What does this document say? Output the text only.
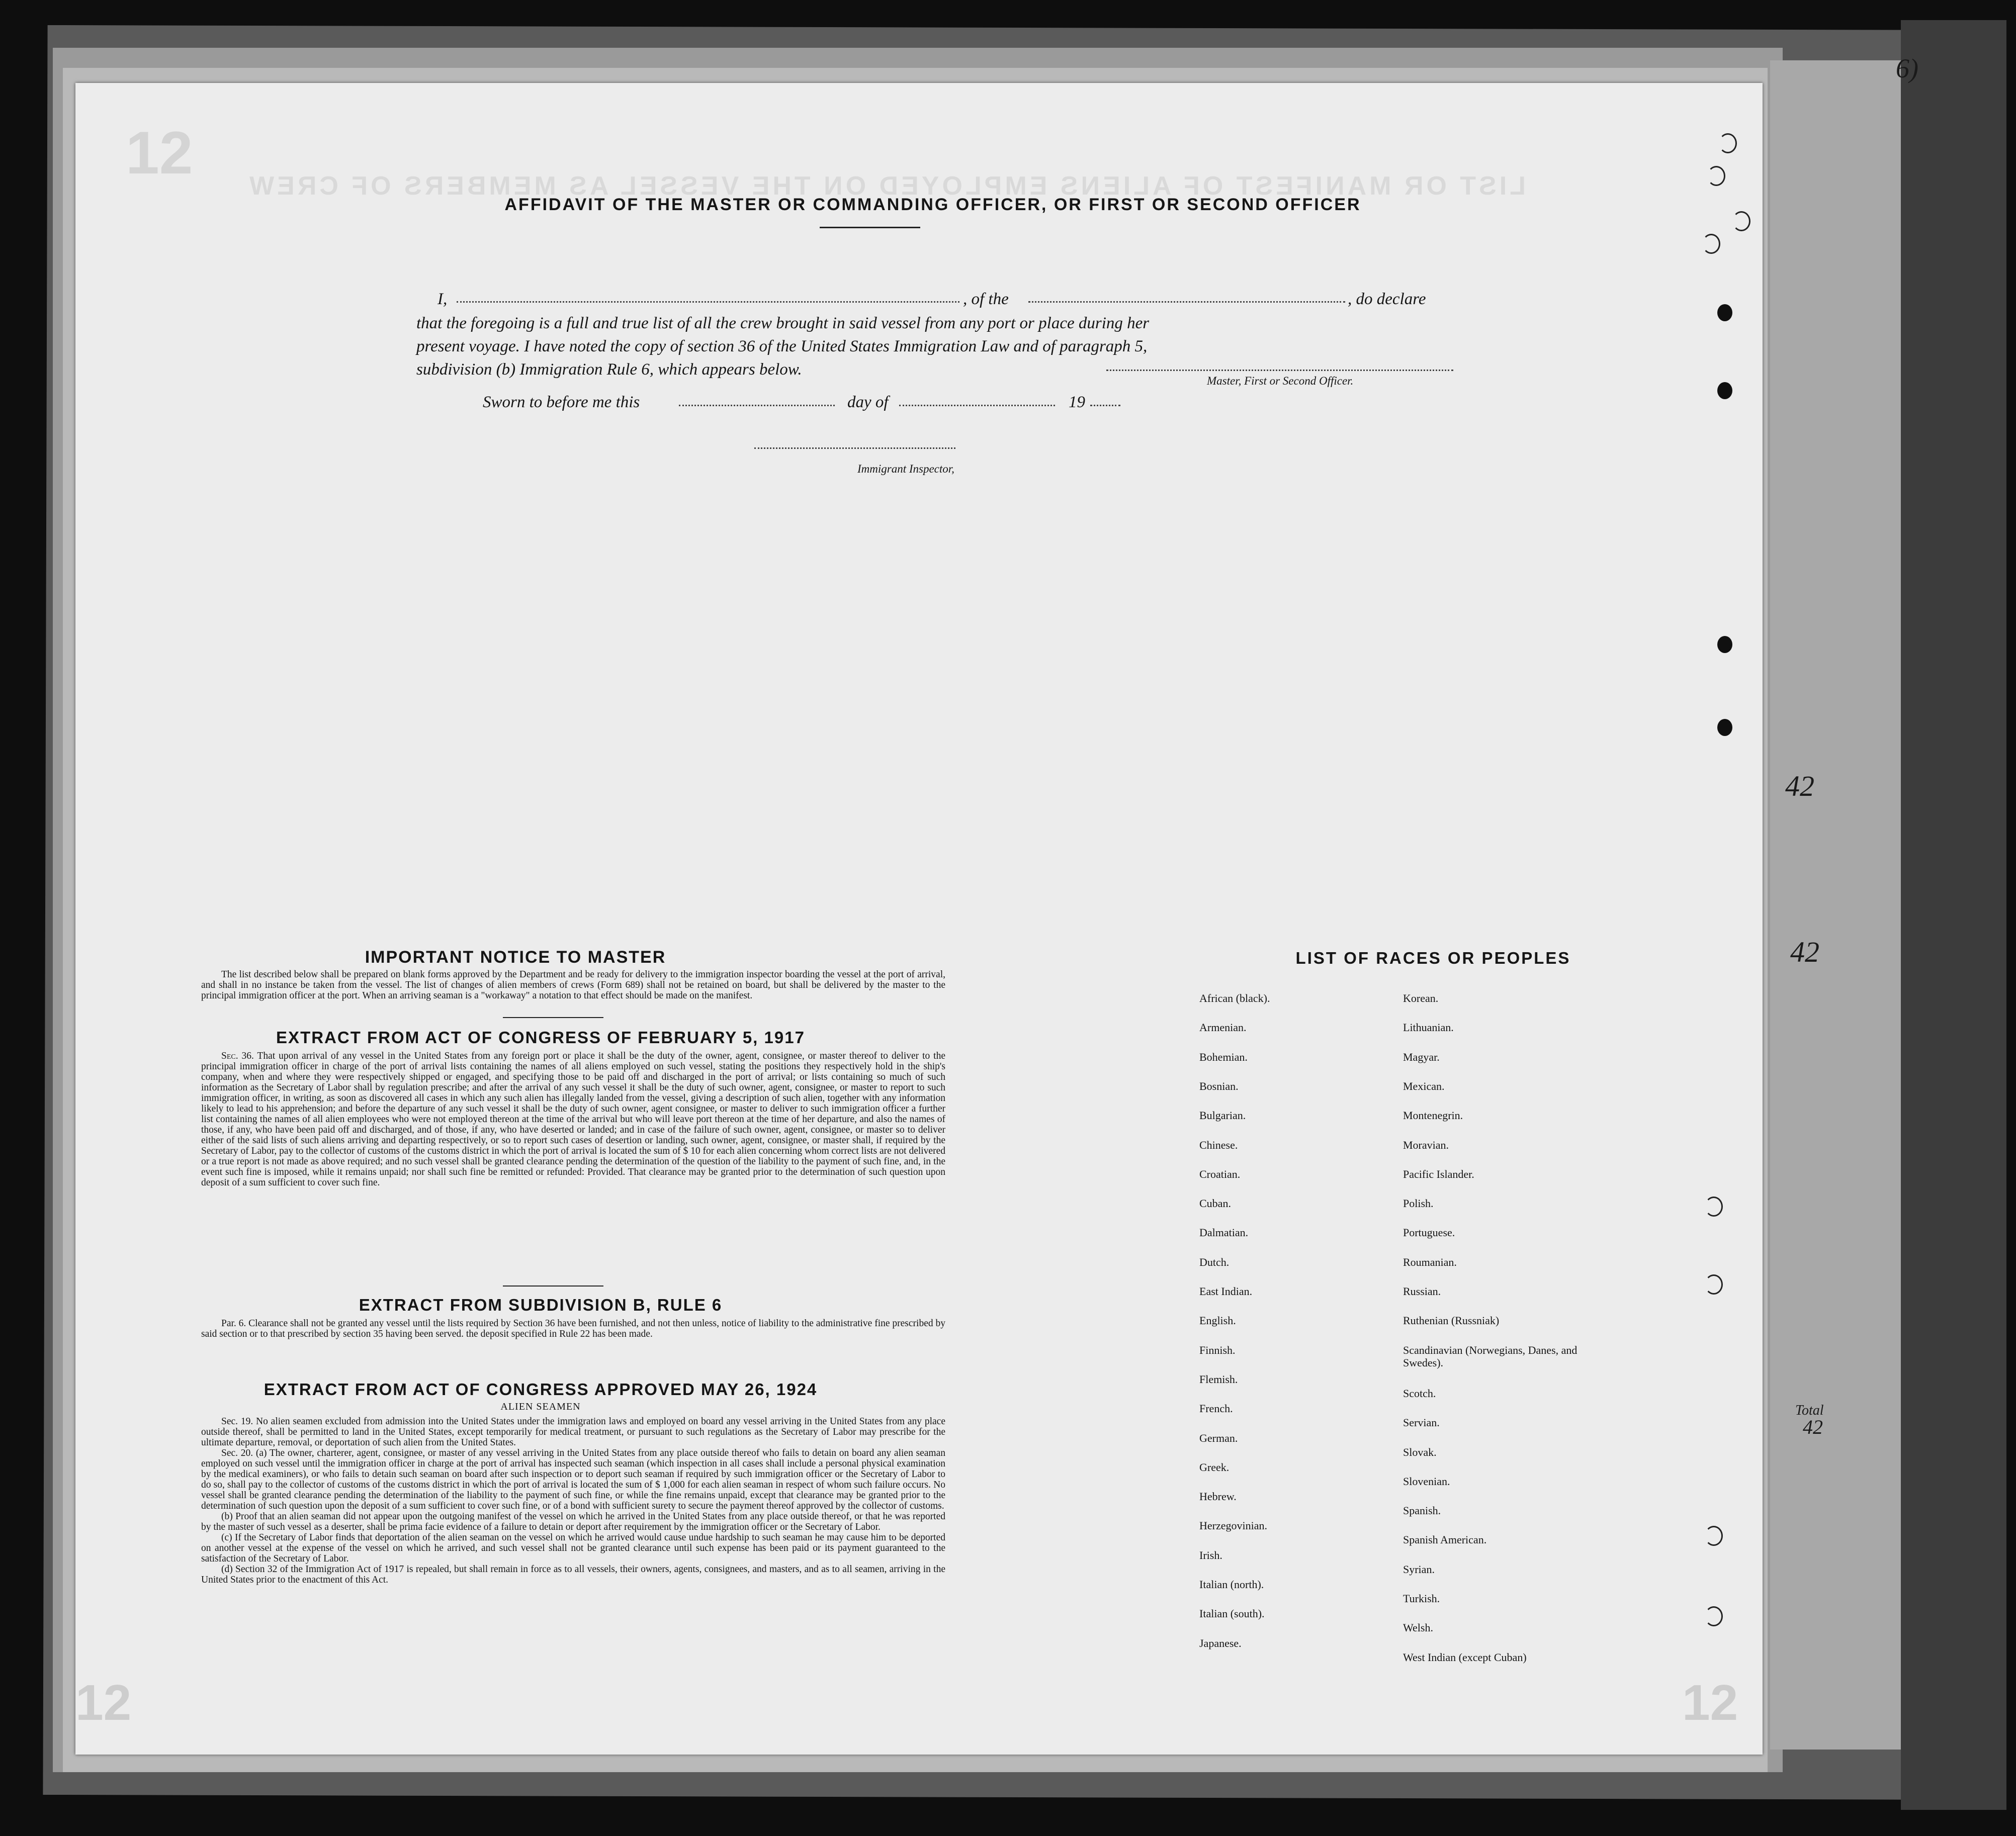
6)
42
42
Total
42
12 LIST OR MANIFEST OF ALIENS EMPLOYED ON THE VESSEL AS MEMBERS OF CREW
12	12
AFFIDAVIT OF THE MASTER OR COMMANDING OFFICER, OR FIRST OR SECOND OFFICER
I,	, of the	, do declare
that the foregoing is a full and true list of all the crew brought in said vessel from any port or place during her
present voyage. I have noted the copy of section 36 of the United States Immigration Law and of paragraph 5,
subdivision (b) Immigration Rule 6, which appears below.
Master, First or Second Officer.
Sworn to before me this	day of	19
Immigrant Inspector,
IMPORTANT NOTICE TO MASTER

The list described below shall be prepared on blank forms approved by the Department and be ready for delivery to the immigration inspector boarding the vessel at the port of arrival, and shall in no instance be taken from the vessel. The list of changes of alien members of crews (Form 689) shall not be retained on board, but shall be delivered by the master to the principal immigration officer at the port. When an arriving seaman is a "workaway" a notation to that effect should be made on the manifest.

EXTRACT FROM ACT OF CONGRESS OF FEBRUARY 5, 1917

Sec. 36. That upon arrival of any vessel in the United States from any foreign port or place it shall be the duty of the owner, agent, consignee, or master thereof to deliver to the principal immigration officer in charge of the port of arrival lists containing the names of all aliens employed on such vessel, stating the positions they respectively hold in the ship's company, when and where they were respectively shipped or engaged, and specifying those to be paid off and discharged in the port of arrival; or lists containing so much of such information as the Secretary of Labor shall by regulation prescribe; and after the arrival of any such vessel it shall be the duty of such owner, agent, consignee, or master to report to such immigration officer, in writing, as soon as discovered all cases in which any such alien has illegally landed from the vessel, giving a description of such alien, together with any information likely to lead to his apprehension; and before the departure of any such vessel it shall be the duty of such owner, agent consignee, or master to deliver to such immigration officer a further list containing the names of all alien employees who were not employed thereon at the time of the arrival but who will leave port thereon at the time of her departure, and also the names of those, if any, who have been paid off and discharged, and of those, if any, who have deserted or landed; and in case of the failure of such owner, agent, consignee, or master so to deliver either of the said lists of such aliens arriving and departing respectively, or so to report such cases of desertion or landing, such owner, agent, consignee, or master shall, if required by the Secretary of Labor, pay to the collector of customs of the customs district in which the port of arrival is located the sum of $ 10 for each alien concerning whom correct lists are not delivered or a true report is not made as above required; and no such vessel shall be granted clearance pending the determination of the question of the liability to the payment of such fine, and, in the event such fine is imposed, while it remains unpaid; nor shall such fine be remitted or refunded: Provided. That clearance may be granted prior to the determination of such question upon deposit of a sum sufficient to cover such fine.

EXTRACT FROM SUBDIVISION B, RULE 6

Par. 6. Clearance shall not be granted any vessel until the lists required by Section 36 have been furnished, and not then unless, notice of liability to the administrative fine prescribed by said section or to that prescribed by section 35 having been served. the deposit specified in Rule 22 has been made.

EXTRACT FROM ACT OF CONGRESS APPROVED MAY 26, 1924
ALIEN SEAMEN

Sec. 19. No alien seamen excluded from admission into the United States under the immigration laws and employed on board any vessel arriving in the United States from any place outside thereof, shall be permitted to land in the United States, except temporarily for medical treatment, or pursuant to such regulations as the Secretary of Labor may prescribe for the ultimate departure, removal, or deportation of such alien from the United States.

Sec. 20. (a) The owner, charterer, agent, consignee, or master of any vessel arriving in the United States from any place outside thereof who fails to detain on board any alien seaman employed on such vessel until the immigration officer in charge at the port of arrival has inspected such seaman (which inspection in all cases shall include a personal physical examination by the medical examiners), or who fails to detain such seaman on board after such inspection or to deport such seaman if required by such immigration officer or the Secretary of Labor to do so, shall pay to the collector of customs of the customs district in which the port of arrival is located the sum of $ 1,000 for each alien seaman in respect of whom such failure occurs. No vessel shall be granted clearance pending the determination of the liability to the payment of such fine, or while the fine remains unpaid, except that clearance may be granted prior to the determination of such question upon the deposit of a sum sufficient to cover such fine, or of a bond with sufficient surety to secure the payment thereof approved by the collector of customs.

(b) Proof that an alien seaman did not appear upon the outgoing manifest of the vessel on which he arrived in the United States from any place outside thereof, or that he was reported by the master of such vessel as a deserter, shall be prima facie evidence of a failure to detain or deport after requirement by the immigration officer or the Secretary of Labor.

(c) If the Secretary of Labor finds that deportation of the alien seaman on the vessel on which he arrived would cause undue hardship to such seaman he may cause him to be deported on another vessel at the expense of the vessel on which he arrived, and such vessel shall not be granted clearance until such expense has been paid or its payment guaranteed to the satisfaction of the Secretary of Labor.

(d) Section 32 of the Immigration Act of 1917 is repealed, but shall remain in force as to all vessels, their owners, agents, consignees, and masters, and as to all seamen, arriving in the United States prior to the enactment of this Act.

LIST OF RACES OR PEOPLES
African (black).
Armenian.
Bohemian.
Bosnian.
Bulgarian.
Chinese.
Croatian.
Cuban.
Dalmatian.
Dutch.
East Indian.
English.
Finnish.
Flemish.
French.
German.
Greek.
Hebrew.
Herzegovinian.
Irish.
Italian (north).
Italian (south).
Japanese.
Korean.
Lithuanian.
Magyar.
Mexican.
Montenegrin.
Moravian.
Pacific Islander.
Polish.
Portuguese.
Roumanian.
Russian.
Ruthenian (Russniak)
Scandinavian (Norwegians, Danes, and Swedes).
Scotch.
Servian.
Slovak.
Slovenian.
Spanish.
Spanish American.
Syrian.
Turkish.
Welsh.
West Indian (except Cuban)
